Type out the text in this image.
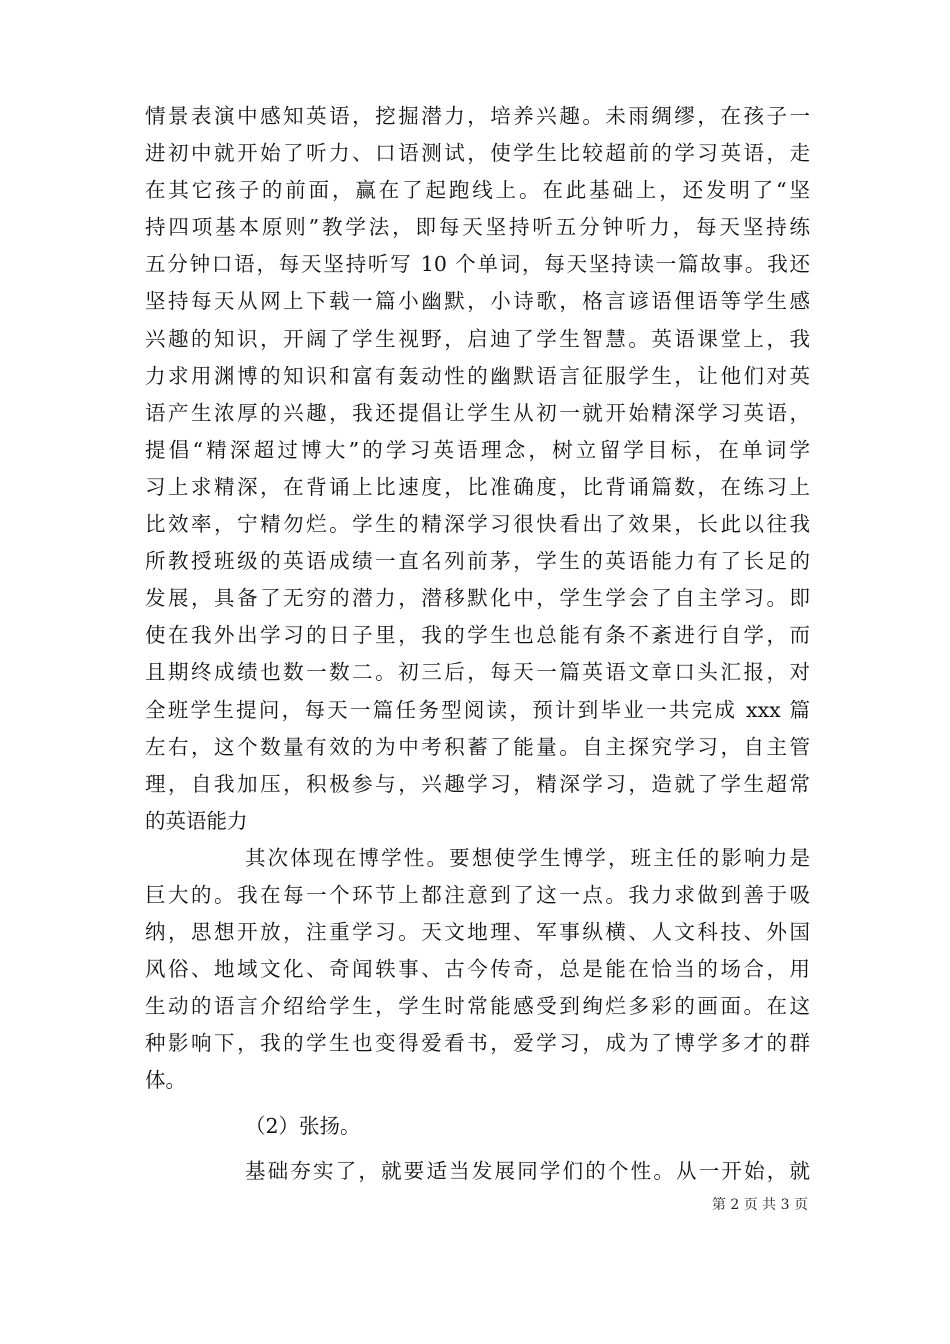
情景表演中感知英语，挖掘潜力，培养兴趣。未雨绸缪，在孩子一
进初中就开始了听力、口语测试，使学生比较超前的学习英语，走
在其它孩子的前面，赢在了起跑线上。在此基础上，还发明了“坚
持四项基本原则”教学法，即每天坚持听五分钟听力，每天坚持练
五分钟口语，每天坚持听写 10 个单词，每天坚持读一篇故事。我还
坚持每天从网上下载一篇小幽默，小诗歌，格言谚语俚语等学生感
兴趣的知识，开阔了学生视野，启迪了学生智慧。英语课堂上，我
力求用渊博的知识和富有轰动性的幽默语言征服学生，让他们对英
语产生浓厚的兴趣，我还提倡让学生从初一就开始精深学习英语，
提倡“精深超过博大”的学习英语理念，树立留学目标，在单词学
习上求精深，在背诵上比速度，比准确度，比背诵篇数，在练习上
比效率，宁精勿烂。学生的精深学习很快看出了效果，长此以往我
所教授班级的英语成绩一直名列前茅，学生的英语能力有了长足的
发展，具备了无穷的潜力，潜移默化中，学生学会了自主学习。即
使在我外出学习的日子里，我的学生也总能有条不紊进行自学，而
且期终成绩也数一数二。初三后，每天一篇英语文章口头汇报，对
全班学生提问，每天一篇任务型阅读，预计到毕业一共完成 xxx 篇
左右，这个数量有效的为中考积蓄了能量。自主探究学习，自主管
理，自我加压，积极参与，兴趣学习，精深学习，造就了学生超常
的英语能力
其次体现在博学性。要想使学生博学，班主任的影响力是
巨大的。我在每一个环节上都注意到了这一点。我力求做到善于吸
纳，思想开放，注重学习。天文地理、军事纵横、人文科技、外国
风俗、地域文化、奇闻轶事、古今传奇，总是能在恰当的场合，用
生动的语言介绍给学生，学生时常能感受到绚烂多彩的画面。在这
种影响下，我的学生也变得爱看书，爱学习，成为了博学多才的群
体。
（2）张扬。
基础夯实了，就要适当发展同学们的个性。从一开始，就
第 2 页 共 3 页
